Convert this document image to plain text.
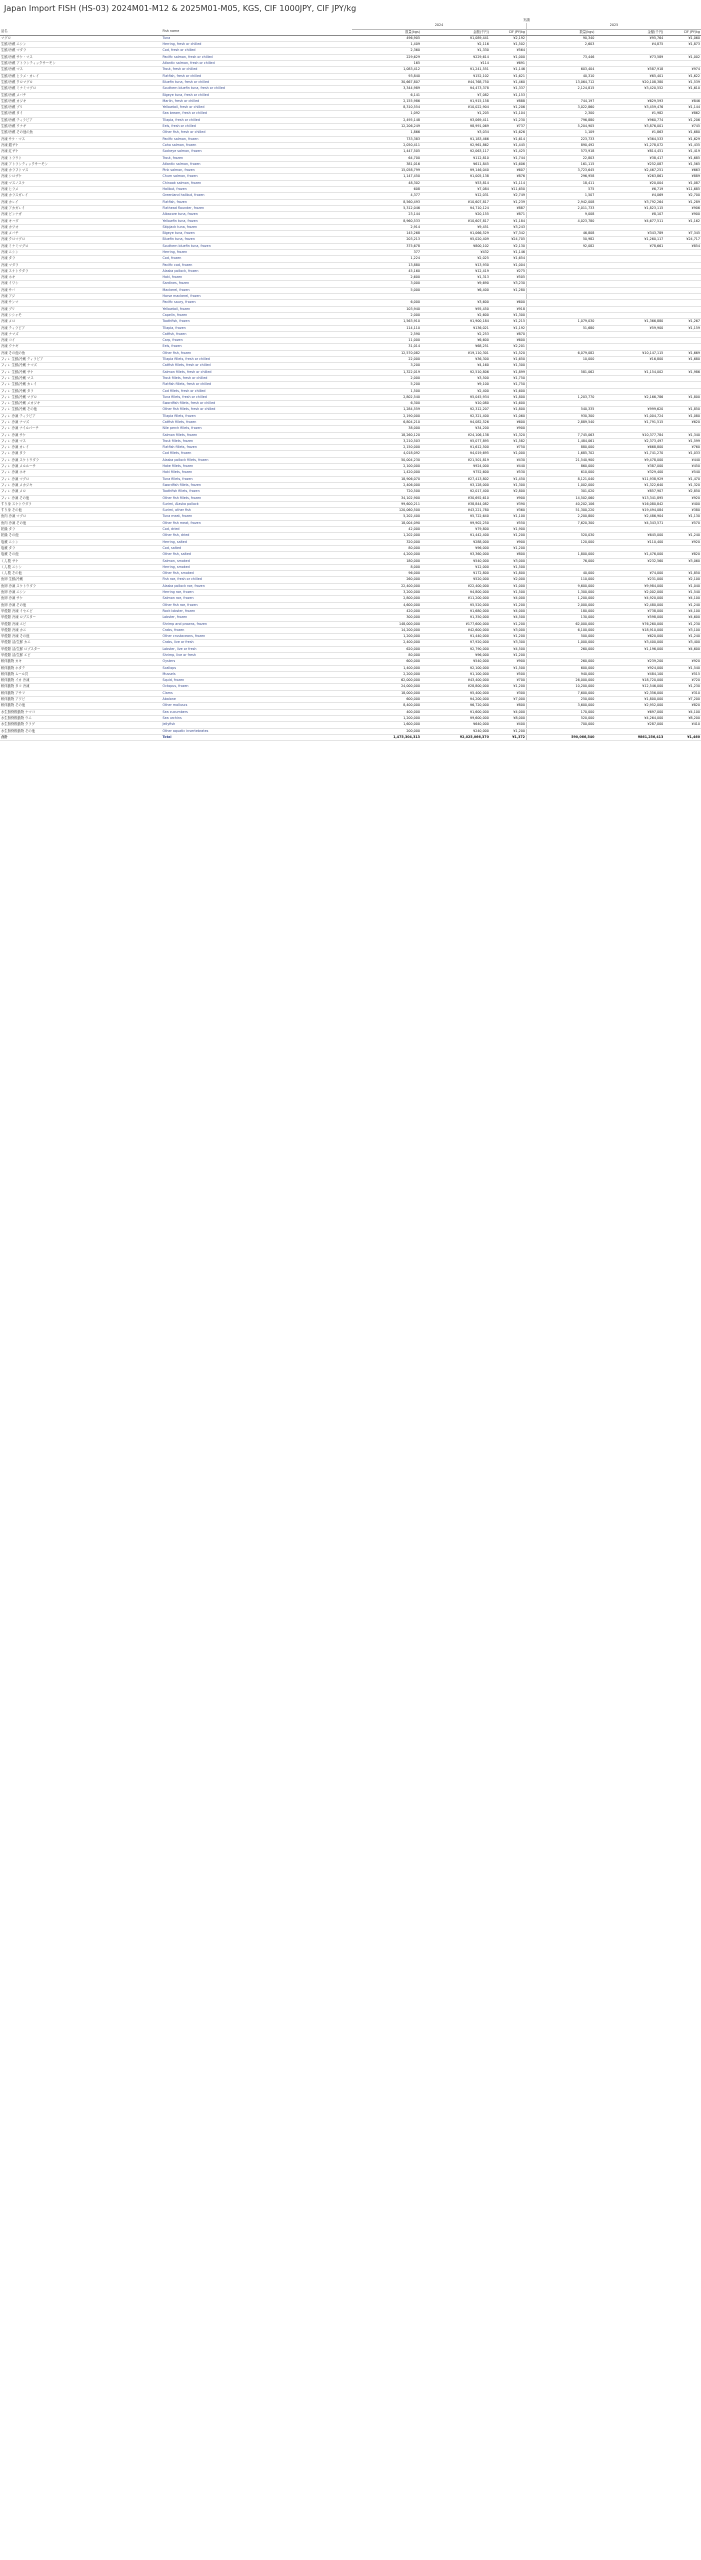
Japan Import FISH (HS-03) 2024M01-M12 & 2025M01-M05, KGS, CIF 1000JPY, CIF JPY/kg
		実績					
		2024			2025		
品名	Fish name	数量(kgs)	金額(千円)	CIF JPY/kg	数量(kgs)	金額(千円)	CIF JPY/kg
マグロ	Tuna	496,905	¥1,089,441	¥2,192	90,340	¥95,764	¥1,060
生鮮/冷蔵 ニシン	Herring, fresh or chilled	1,409	¥2,116	¥1,502	2,603	¥4,875	¥1,873
生鮮/冷蔵 マダラ	Cod, fresh or chilled	2,360	¥1,330	¥564			
生鮮/冷蔵 サケ・マス	Pacific salmon, fresh or chilled	229,629	¥229,614	¥1,000	73,446	¥73,589	¥1,002
生鮮/冷蔵 アトランティックサーモン	Atlantic salmon, fresh or chilled	165	¥114	¥691			
生鮮/冷蔵 マス	Trout, fresh or chilled	1,083,412	¥1,241,551	¥1,146	603,404	¥587,918	¥974
生鮮/冷蔵 ヒラメ・カレイ	Flatfish, fresh or chilled	93,840	¥152,102	¥1,621	40,310	¥65,401	¥1,622
生鮮/冷蔵 クロマグロ	Bluefin tuna, fresh or chilled	30,667,807	¥44,768,750	¥1,460	13,064,712	¥20,108,380	¥1,539
生鮮/冷蔵 ミナミマグロ	Southern bluefin tuna, fresh or chilled	3,344,989	¥4,473,378	¥1,337	2,124,815	¥3,420,552	¥1,610
生鮮/冷蔵 メバチ	Bigeye tuna, fresh or chilled	6,141	¥7,082	¥1,153			
生鮮/冷蔵 カジキ	Marlin, fresh or chilled	2,155,986	¥1,915,158	¥888	744,197	¥629,593	¥846
生鮮/冷蔵 ブリ	Yellowtail, fresh or chilled	8,310,554	¥10,022,904	¥1,206	3,022,860	¥3,459,476	¥1,144
生鮮/冷蔵 タイ	Sea bream, fresh or chilled	1,092	¥1,205	¥1,104	2,300	¥1,982	¥862
生鮮/冷蔵 ティラピア	Tilapia, fresh or chilled	2,495,148	¥3,069,411	¥1,230	796,880	¥960,774	¥1,206
生鮮/冷蔵 ウナギ	Eels, fresh or chilled	12,206,249	¥8,991,069	¥737	5,204,905	¥3,876,001	¥745
生鮮/冷蔵 その他の魚	Other fish, fresh or chilled	1,866	¥3,034	¥1,626	1,109	¥1,863	¥1,680
冷凍 サケ・マス	Pacific salmon, frozen	733,383	¥1,183,466	¥1,614	223,733	¥364,533	¥1,629
冷凍 銀ザケ	Coho salmon, frozen	2,050,411	¥2,961,862	¥1,445	890,492	¥1,278,072	¥1,435
冷凍 紅ザケ	Sockeye salmon, frozen	1,447,505	¥2,063,117	¥1,425	573,918	¥814,451	¥1,419
冷凍 トラウト	Trout, frozen	64,700	¥112,810	¥1,744	22,803	¥38,417	¥1,685
冷凍 アトランティックサーモン	Atlantic salmon, frozen	381,016	¥611,845	¥1,606	161,115	¥252,087	¥1,565
冷凍 カラフトマス	Pink salmon, frozen	15,058,799	¥9,146,040	¥607	3,723,645	¥2,467,251	¥663
冷凍 シロザケ	Chum salmon, frozen	1,147,450	¥1,005,138	¥876	296,958	¥263,861	¥889
冷凍 マスノスケ	Chinook salmon, frozen	48,302	¥53,814	¥1,114	18,411	¥20,004	¥1,087
冷凍 ヒラメ	Halibut, frozen	608	¥7,084	¥11,650	575	¥6,719	¥11,685
冷凍 カラスガレイ	Greenland halibut, frozen	4,377	¥12,031	¥2,749	1,507	¥4,069	¥2,700
冷凍 カレイ	Flatfish, frozen	8,560,493	¥10,607,817	¥1,239	2,942,008	¥3,792,264	¥1,289
冷凍 アカガレイ	Flathead flounder, frozen	5,312,046	¥4,710,124	¥887	2,011,733	¥1,823,115	¥906
冷凍 ビンナガ	Albacore tuna, frozen	23,144	¥20,155	¥871	9,008	¥8,107	¥900
冷凍 キハダ	Yellowfin tuna, frozen	8,960,533	¥10,607,817	¥1,184	4,023,780	¥4,677,511	¥1,162
冷凍 カツオ	Skipjack tuna, frozen	2,914	¥9,451	¥3,243			
冷凍 メバチ	Bigeye tuna, frozen	145,268	¥1,066,529	¥7,342	46,808	¥343,789	¥7,345
冷凍 クロマグロ	Bluefin tuna, frozen	203,213	¥5,020,409	¥24,705	50,982	¥1,260,117	¥24,717
冷凍 ミナミマグロ	Southern bluefin tuna, frozen	375,678	¥800,102	¥2,130	92,082	¥78,661	¥854
冷凍 ニシン	Herring, frozen	377	¥432	¥1,146			
冷凍 タラ	Cod, frozen	1,224	¥2,025	¥1,654			
冷凍 マダラ	Pacific cod, frozen	13,880	¥13,930	¥1,004			
冷凍 スケトウダラ	Alaska pollock, frozen	45,160	¥12,419	¥275			
冷凍 ホキ	Hoki, frozen	2,600	¥1,313	¥505			
冷凍 イワシ	Sardines, frozen	3,000	¥9,690	¥3,230			
冷凍 サバ	Mackerel, frozen	5,000	¥6,400	¥1,280			
冷凍 アジ	Horse mackerel, frozen						
冷凍 サンマ	Pacific saury, frozen	6,000	¥3,600	¥600			
冷凍 ブリ	Yellowtail, frozen	103,940	¥95,450	¥918			
冷凍 シシャモ	Capelin, frozen	2,000	¥2,600	¥1,300			
冷凍 メロ	Toothfish, frozen	1,563,910	¥1,900,184	¥1,215	1,079,030	¥1,366,880	¥1,267
冷凍 ティラピア	Tilapia, frozen	114,110	¥136,021	¥1,192	51,680	¥59,900	¥1,159
冷凍 ナマズ	Catfish, frozen	2,590	¥2,253	¥870			
冷凍 コイ	Carp, frozen	11,000	¥6,600	¥600			
冷凍 ウナギ	Eels, frozen	31,014	¥68,251	¥2,201			
冷凍 その他の魚	Other fish, frozen	12,570,082	¥19,110,301	¥1,520	6,079,082	¥10,147,115	¥1,669
フィレ 生鮮/冷蔵 ティラピア	Tilapia fillets, fresh or chilled	22,000	¥36,300	¥1,650	10,000	¥16,800	¥1,680
フィレ 生鮮/冷蔵 ナマズ	Catfish fillets, fresh or chilled	3,200	¥4,160	¥1,300			
フィレ 生鮮/冷蔵 サケ	Salmon fillets, fresh or chilled	1,322,019	¥2,510,806	¥1,899	581,062	¥1,154,002	¥1,986
フィレ 生鮮/冷蔵 マス	Trout fillets, fresh or chilled	2,000	¥3,500	¥1,750			
フィレ 生鮮/冷蔵 カレイ	Flatfish fillets, fresh or chilled	5,200	¥9,100	¥1,750			
フィレ 生鮮/冷蔵 タラ	Cod fillets, fresh or chilled	1,500	¥2,400	¥1,600			
フィレ 生鮮/冷蔵 マグロ	Tuna fillets, fresh or chilled	2,802,540	¥5,045,934	¥1,800	1,203,770	¥2,166,786	¥1,800
フィレ 生鮮/冷蔵 メカジキ	Swordfish fillets, fresh or chilled	6,300	¥10,080	¥1,600			
フィレ 生鮮/冷蔵 その他	Other fish fillets, fresh or chilled	1,284,559	¥2,312,207	¥1,800	540,335	¥999,620	¥1,850
フィレ 冷凍 ティラピア	Tilapia fillets, frozen	2,190,000	¥2,321,400	¥1,060	930,300	¥1,004,724	¥1,080
フィレ 冷凍 ナマズ	Catfish fillets, frozen	6,804,210	¥4,082,526	¥600	2,889,540	¥1,791,515	¥620
フィレ 冷凍 ナイルパーチ	Nile perch fillets, frozen	38,000	¥34,200	¥900			
フィレ 冷凍 サケ	Salmon fillets, frozen	18,260,120	¥24,106,138	¥1,320	7,745,063	¥10,377,784	¥1,340
フィレ 冷凍 マス	Trout fillets, frozen	3,210,503	¥5,077,895	¥1,582	1,484,061	¥2,373,497	¥1,599
フィレ 冷凍 カレイ	Flatfish fillets, frozen	2,150,000	¥1,612,500	¥750	880,000	¥668,800	¥760
フィレ 冷凍 タラ	Cod fillets, frozen	4,018,092	¥4,019,695	¥1,000	1,685,702	¥1,741,270	¥1,033
フィレ 冷凍 スケトウダラ	Alaska pollock fillets, frozen	50,004,230	¥21,501,819	¥430	21,540,900	¥9,478,000	¥440
フィレ 冷凍 メルルーサ	Hake fillets, frozen	2,100,000	¥924,000	¥440	860,000	¥387,000	¥450
フィレ 冷凍 ホキ	Hoki fillets, frozen	1,420,000	¥752,600	¥530	610,000	¥329,400	¥540
フィレ 冷凍 マグロ	Tuna fillets, frozen	18,906,070	¥27,413,802	¥1,450	8,121,040	¥11,938,929	¥1,470
フィレ 冷凍 メカジキ	Swordfish fillets, frozen	2,406,000	¥3,128,000	¥1,300	1,002,000	¥1,322,640	¥1,320
フィレ 冷凍 メロ	Toothfish fillets, frozen	720,500	¥2,017,400	¥2,800	301,020	¥857,907	¥2,850
フィレ 冷凍 その他	Other fish fillets, frozen	34,102,900	¥30,692,610	¥900	14,502,060	¥13,341,895	¥920
すり身 スケトウダラ	Surimi, Alaska pollock	99,600,211	¥38,844,082	¥390	40,202,106	¥16,080,842	¥400
すり身 その他	Surimi, other fish	120,060,500	¥43,221,780	¥360	51,300,220	¥19,494,084	¥380
魚肉 冷凍 マグロ	Tuna meat, frozen	5,202,400	¥5,722,640	¥1,100	2,200,800	¥2,486,904	¥1,130
魚肉 冷凍 その他	Other fish meat, frozen	18,004,090	¥9,902,250	¥550	7,620,300	¥4,343,571	¥570
乾燥 タラ	Cod, dried	42,000	¥79,800	¥1,900			
乾燥 その他	Other fish, dried	1,202,000	¥1,442,400	¥1,200	520,030	¥645,000	¥1,240
塩蔵 ニシン	Herring, salted	320,000	¥288,000	¥900	120,000	¥110,400	¥920
塩蔵 タラ	Cod, salted	80,000	¥96,000	¥1,200			
塩蔵 その他	Other fish, salted	4,200,000	¥3,360,000	¥800	1,800,000	¥1,476,000	¥820
くん製 サケ	Salmon, smoked	180,000	¥540,000	¥3,000	76,000	¥232,560	¥3,060
くん製 ニシン	Herring, smoked	8,000	¥12,000	¥1,500			
くん製 その他	Other fish, smoked	96,000	¥172,800	¥1,800	40,000	¥74,000	¥1,850
魚卵 生鮮/冷蔵	Fish roe, fresh or chilled	260,000	¥520,000	¥2,000	110,000	¥231,000	¥2,100
魚卵 冷凍 スケトウダラ	Alaska pollock roe, frozen	22,400,000	¥22,400,000	¥1,000	9,600,000	¥9,984,000	¥1,040
魚卵 冷凍 ニシン	Herring roe, frozen	3,200,000	¥4,800,000	¥1,500	1,300,000	¥2,002,000	¥1,540
魚卵 冷凍 サケ	Salmon roe, frozen	2,800,000	¥11,200,000	¥4,000	1,200,000	¥4,920,000	¥4,100
魚卵 冷凍 その他	Other fish roe, frozen	4,600,000	¥5,520,000	¥1,200	2,000,000	¥2,480,000	¥1,240
甲殻類 冷凍 イセエビ	Rock lobster, frozen	420,000	¥1,680,000	¥4,000	180,000	¥738,000	¥4,100
甲殻類 冷凍 ロブスター	Lobster, frozen	300,000	¥1,350,000	¥4,500	130,000	¥598,000	¥4,600
甲殻類 冷凍 エビ	Shrimp and prawns, frozen	148,000,000	¥177,600,000	¥1,200	62,000,000	¥76,260,000	¥1,230
甲殻類 冷凍 カニ	Crabs, frozen	14,200,000	¥42,600,000	¥3,000	6,100,000	¥18,910,000	¥3,100
甲殻類 冷凍 その他	Other crustaceans, frozen	1,200,000	¥1,440,000	¥1,200	500,000	¥620,000	¥1,240
甲殻類 活/生鮮 カニ	Crabs, live or fresh	2,400,000	¥7,920,000	¥3,300	1,000,000	¥3,400,000	¥3,400
甲殻類 活/生鮮 ロブスター	Lobster, live or fresh	620,000	¥2,790,000	¥4,500	260,000	¥1,196,000	¥4,600
甲殻類 活/生鮮 エビ	Shrimp, live or fresh	80,000	¥96,000	¥1,200			
軟体動物 カキ	Oysters	600,000	¥540,000	¥900	260,000	¥239,200	¥920
軟体動物 ホタテ	Scallops	1,400,000	¥2,100,000	¥1,500	600,000	¥924,000	¥1,540
軟体動物 ムール貝	Mussels	2,200,000	¥1,100,000	¥500	940,000	¥484,100	¥515
軟体動物 イカ 冷凍	Squid, frozen	62,000,000	¥43,400,000	¥700	26,000,000	¥18,720,000	¥720
軟体動物 タコ 冷凍	Octopus, frozen	24,000,000	¥28,800,000	¥1,200	10,200,000	¥12,546,000	¥1,230
軟体動物 アサリ	Clams	18,000,000	¥5,400,000	¥300	7,600,000	¥2,356,000	¥310
軟体動物 アワビ	Abalone	600,000	¥4,200,000	¥7,000	250,000	¥1,800,000	¥7,200
軟体動物 その他	Other molluscs	8,400,000	¥6,720,000	¥800	3,600,000	¥2,952,000	¥820
水生無脊椎動物 ナマコ	Sea cucumbers	400,000	¥1,600,000	¥4,000	170,000	¥697,000	¥4,100
水生無脊椎動物 ウニ	Sea urchins	1,200,000	¥9,600,000	¥8,000	520,000	¥4,264,000	¥8,200
水生無脊椎動物 クラゲ	Jellyfish	1,600,000	¥640,000	¥400	700,000	¥287,000	¥410
水生無脊椎動物 その他	Other aquatic invertebrates	200,000	¥240,000	¥1,200			
合計	Total	1,475,304,313	¥2,025,066,370	¥1,372	590,066,540	¥861,256,413	¥1,460
